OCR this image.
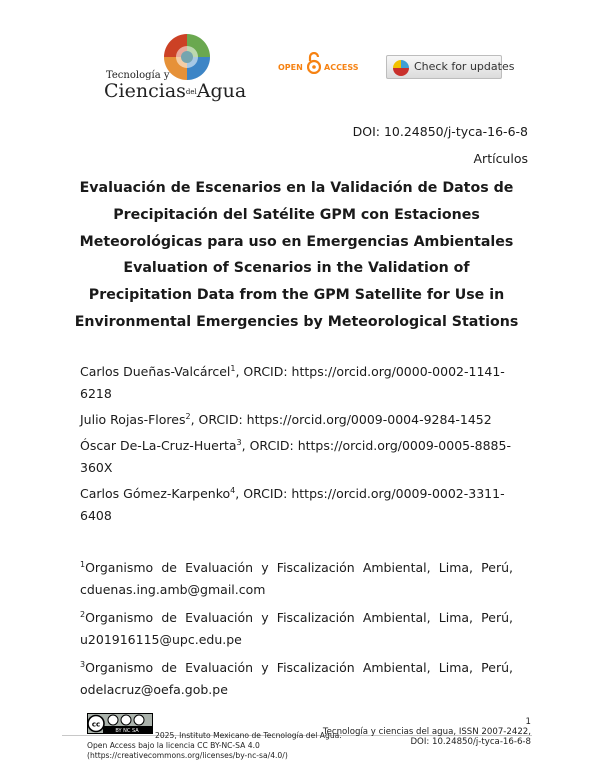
Tecnología y
CienciasdelAgua
OPEN	ACCESS	Check for updates
DOI: 10.24850/j-tyca-16-6-8
Artículos
Evaluación de Escenarios en la Validación de Datos de
Precipitación del Satélite GPM con Estaciones
Meteorológicas para uso en Emergencias Ambientales
Evaluation of Scenarios in the Validation of
Precipitation Data from the GPM Satellite for Use in
Environmental Emergencies by Meteorological Stations
Carlos Dueñas-Valcárcel$^1$, ORCID: https://orcid.org/0000-0002-1141-
6218
Julio Rojas-Flores$^2$, ORCID: https://orcid.org/0009-0004-9284-1452
Óscar De-La-Cruz-Huerta$^3$, ORCID: https://orcid.org/0009-0005-8885-
360X
Carlos Gómez-Karpenko$^4$, ORCID: https://orcid.org/0009-0002-3311-
6408
$^1$Organismo de Evaluación y Fiscalización Ambiental, Lima, Perú,
cduenas.ing.amb@gmail.com
$^2$Organismo de Evaluación y Fiscalización Ambiental, Lima, Perú,
u201916115@upc.edu.pe
$^3$Organismo de Evaluación y Fiscalización Ambiental, Lima, Perú,
odelacruz@oefa.gob.pe
cc
BY NC SA	2025, Instituto Mexicano de Tecnología del Agua.
Open Access bajo la licencia CC BY-NC-SA 4.0
(https://creativecommons.org/licenses/by-nc-sa/4.0/)
1
Tecnología y ciencias del agua, ISSN 2007-2422,
DOI: 10.24850/j-tyca-16-6-8
